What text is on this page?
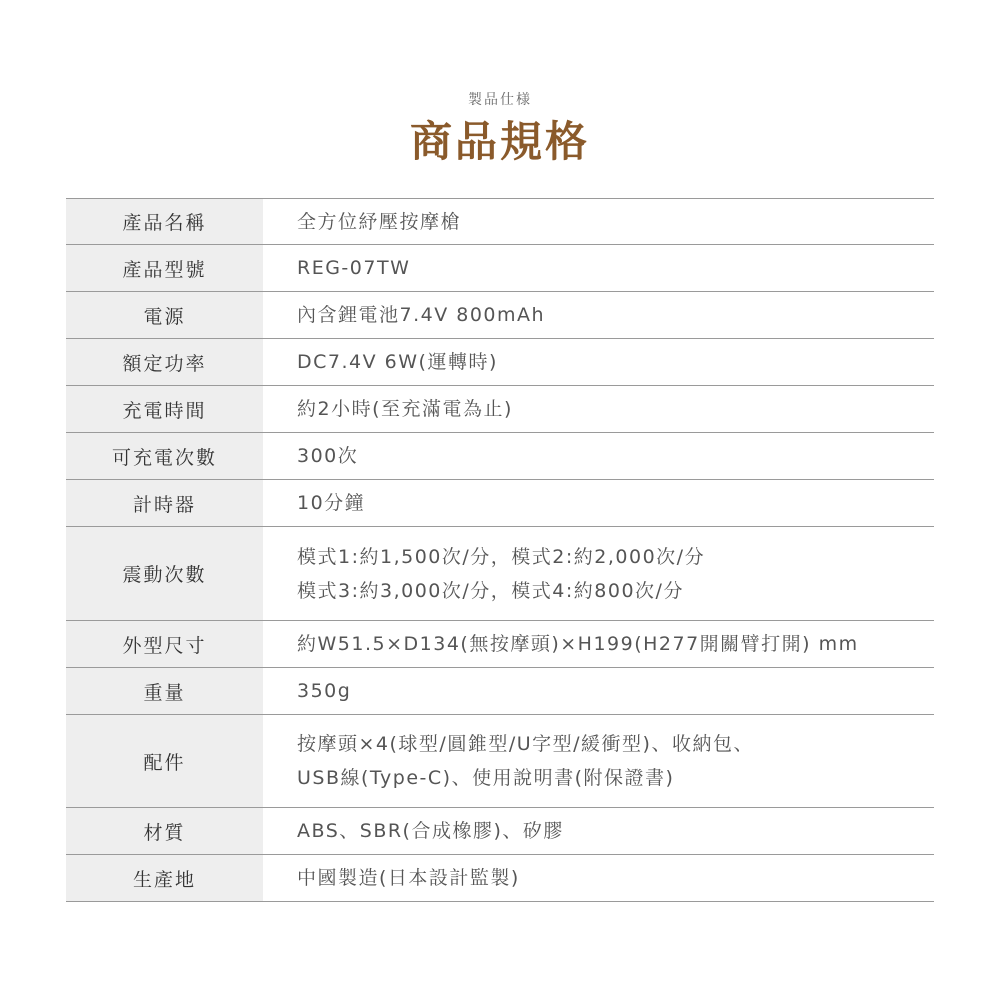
製品仕様
商品規格
產品名稱	全方位紓壓按摩槍

產品型號	REG-07TW

電源	內含鋰電池7.4V 800mAh

額定功率	DC7.4V 6W(運轉時)

充電時間	約2小時(至充滿電為止)

可充電次數	300次

計時器	10分鐘

震動次數	模式1:約1,500次/分，模式2:約2,000次/分
模式3:約3,000次/分，模式4:約800次/分

外型尺寸	約W51.5×D134(無按摩頭)×H199(H277開關臂打開) mm

重量	350g

配件	按摩頭×4(球型/圓錐型/U字型/緩衝型)、收納包、
USB線(Type-C)、使用說明書(附保證書)

材質	ABS、SBR(合成橡膠)、矽膠

生產地	中國製造(日本設計監製)
